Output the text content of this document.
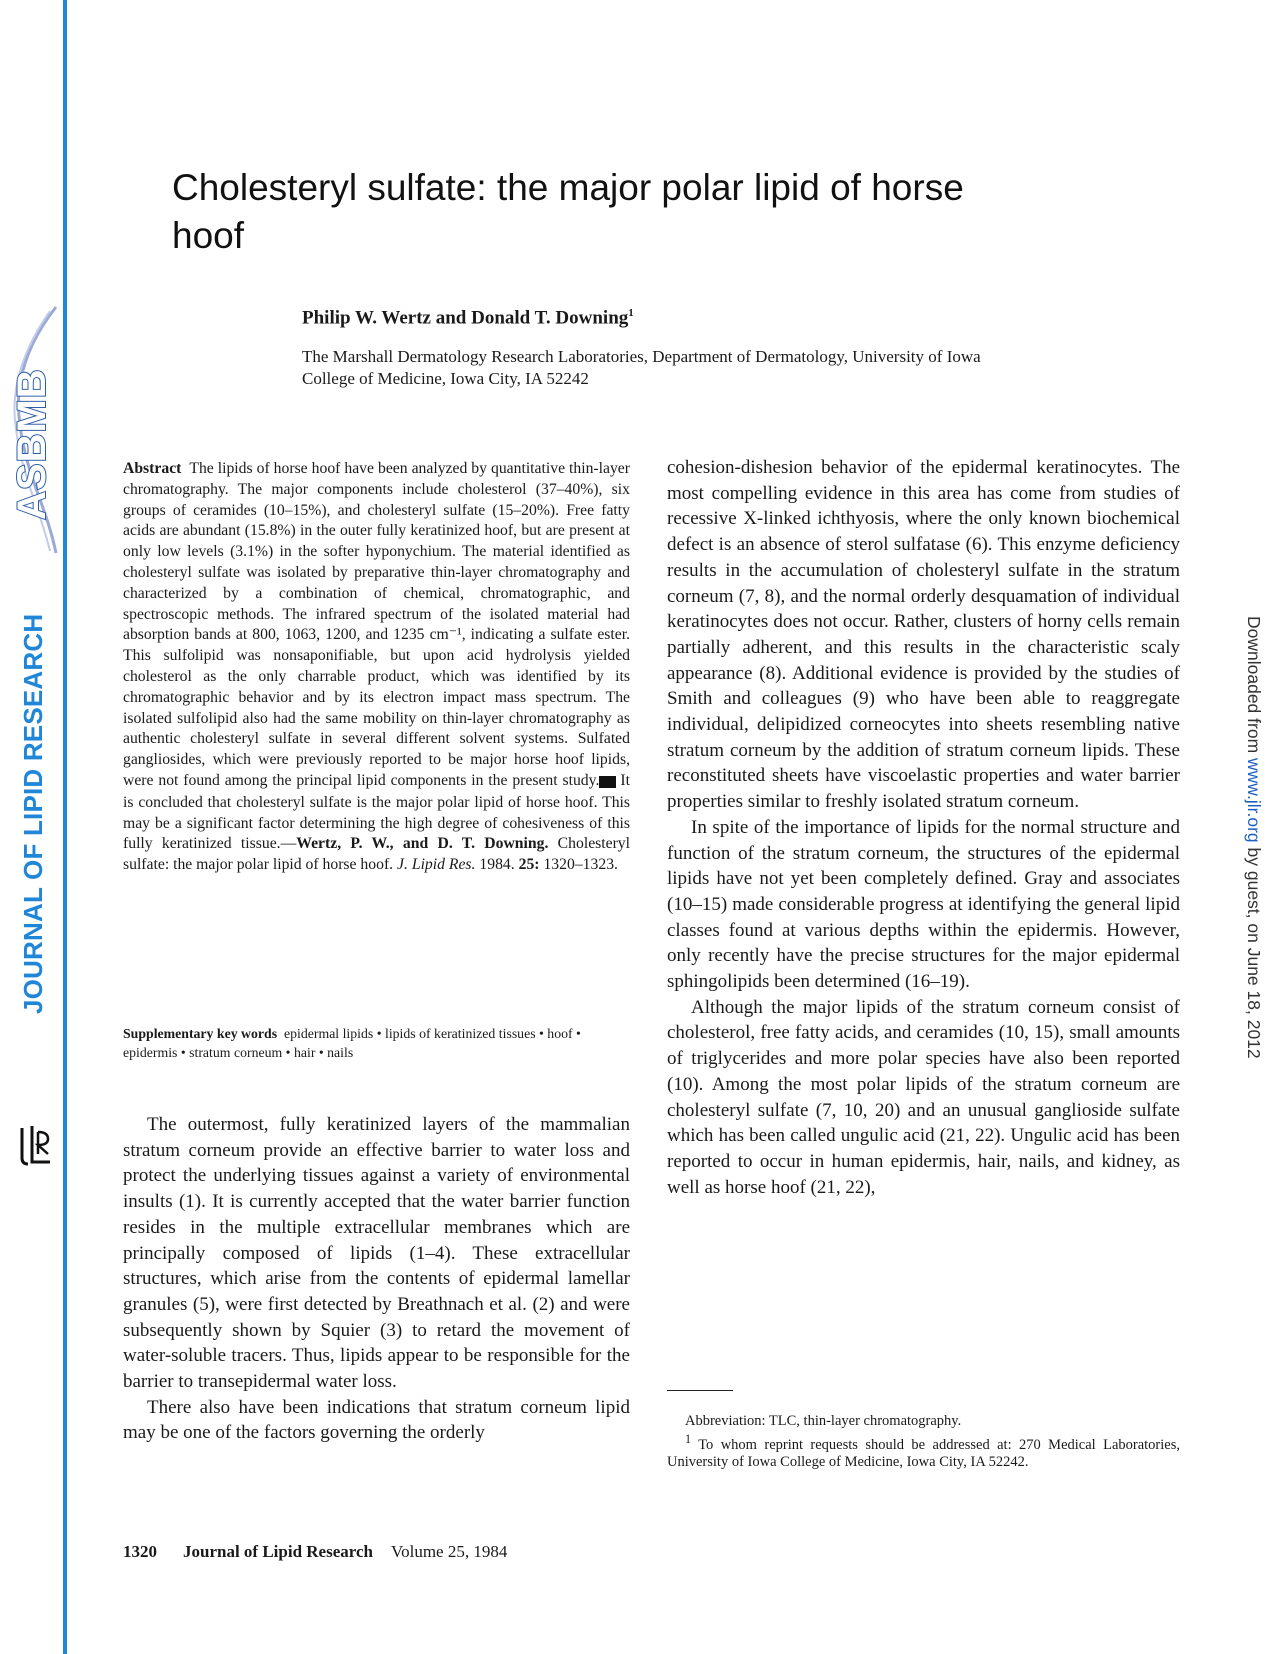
ASBMB
JOURNAL OF LIPID RESEARCH	Downloaded from www.jlr.org by guest, on June 18, 2012
Cholesteryl sulfate: the major polar lipid of horse hoof

Philip W. Wertz and Donald T. Downing$^1$

The Marshall Dermatology Research Laboratories, Department of Dermatology, University of Iowa College of Medicine, Iowa City, IA 52242

Abstract The lipids of horse hoof have been analyzed by quantitative thin-layer chromatography. The major components include cholesterol (37–40%), six groups of ceramides (10–15%), and cholesteryl sulfate (15–20%). Free fatty acids are abundant (15.8%) in the outer fully keratinized hoof, but are present at only low levels (3.1%) in the softer hyponychium. The material identified as cholesteryl sulfate was isolated by preparative thin-layer chromatography and characterized by a combination of chemical, chromatographic, and spectroscopic methods. The infrared spectrum of the isolated material had absorption bands at 800, 1063, 1200, and 1235 cm⁻¹, indicating a sulfate ester. This sulfolipid was nonsaponifiable, but upon acid hydrolysis yielded cholesterol as the only charrable product, which was identified by its chromatographic behavior and by its electron impact mass spectrum. The isolated sulfolipid also had the same mobility on thin-layer chromatography as authentic cholesteryl sulfate in several different solvent systems. Sulfated gangliosides, which were previously reported to be major horse hoof lipids, were not found among the principal lipid components in the present study.■■ It is concluded that cholesteryl sulfate is the major polar lipid of horse hoof. This may be a significant factor determining the high degree of cohesiveness of this fully keratinized tissue.—Wertz, P. W., and D. T. Downing. Cholesteryl sulfate: the major polar lipid of horse hoof. J. Lipid Res. 1984. 25: 1320–1323.

Supplementary key words epidermal lipids • lipids of keratinized tissues • hoof • epidermis • stratum corneum • hair • nails

The outermost, fully keratinized layers of the mammalian stratum corneum provide an effective barrier to water loss and protect the underlying tissues against a variety of environmental insults (1). It is currently accepted that the water barrier function resides in the multiple extracellular membranes which are principally composed of lipids (1–4). These extracellular structures, which arise from the contents of epidermal lamellar granules (5), were first detected by Breathnach et al. (2) and were subsequently shown by Squier (3) to retard the movement of water-soluble tracers. Thus, lipids appear to be responsible for the barrier to transepidermal water loss.

There also have been indications that stratum corneum lipid may be one of the factors governing the orderly

cohesion-dishesion behavior of the epidermal keratinocytes. The most compelling evidence in this area has come from studies of recessive X-linked ichthyosis, where the only known biochemical defect is an absence of sterol sulfatase (6). This enzyme deficiency results in the accumulation of cholesteryl sulfate in the stratum corneum (7, 8), and the normal orderly desquamation of individual keratinocytes does not occur. Rather, clusters of horny cells remain partially adherent, and this results in the characteristic scaly appearance (8). Additional evidence is provided by the studies of Smith and colleagues (9) who have been able to reaggregate individual, delipidized corneocytes into sheets resembling native stratum corneum by the addition of stratum corneum lipids. These reconstituted sheets have viscoelastic properties and water barrier properties similar to freshly isolated stratum corneum.

In spite of the importance of lipids for the normal structure and function of the stratum corneum, the structures of the epidermal lipids have not yet been completely defined. Gray and associates (10–15) made considerable progress at identifying the general lipid classes found at various depths within the epidermis. However, only recently have the precise structures for the major epidermal sphingolipids been determined (16–19).

Although the major lipids of the stratum corneum consist of cholesterol, free fatty acids, and ceramides (10, 15), small amounts of triglycerides and more polar species have also been reported (10). Among the most polar lipids of the stratum corneum are cholesteryl sulfate (7, 10, 20) and an unusual ganglioside sulfate which has been called ungulic acid (21, 22). Ungulic acid has been reported to occur in human epidermis, hair, nails, and kidney, as well as horse hoof (21, 22),

Abbreviation: TLC, thin-layer chromatography.

$^1$ To whom reprint requests should be addressed at: 270 Medical Laboratories, University of Iowa College of Medicine, Iowa City, IA 52242.

1320 Journal of Lipid Research Volume 25, 1984
